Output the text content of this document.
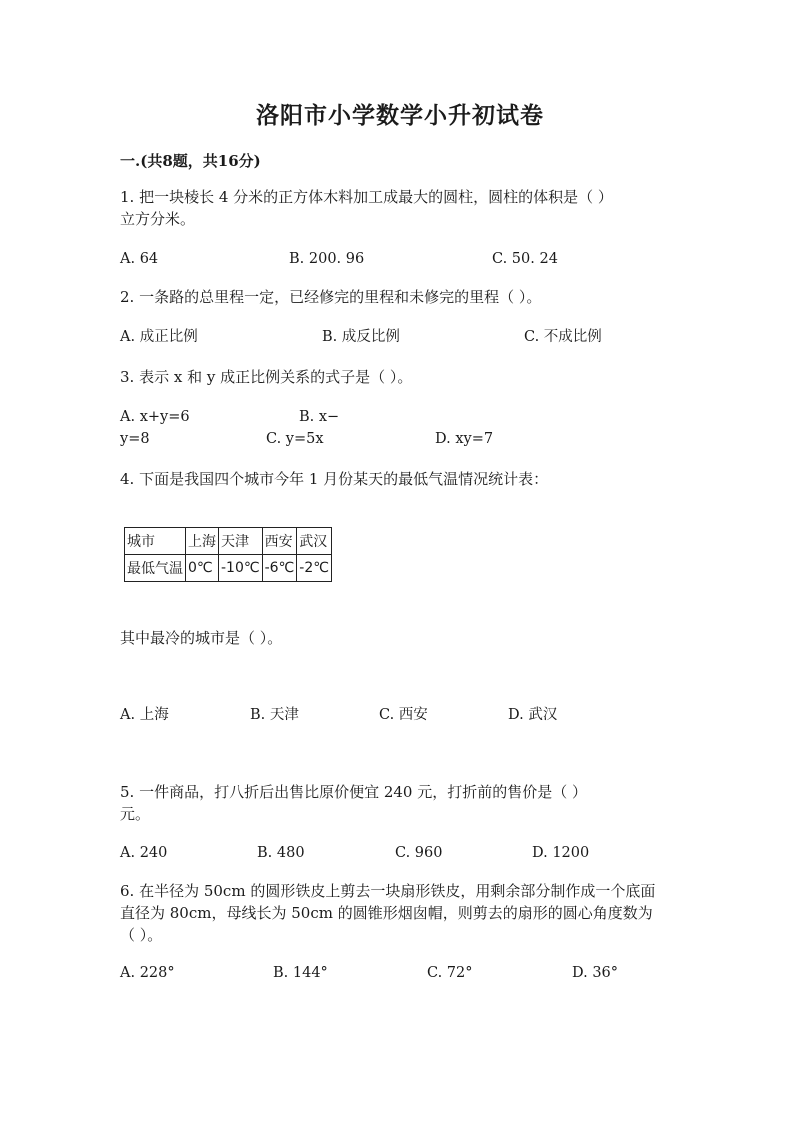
洛阳市小学数学小升初试卷
一.(共8题，共16分)
1. 把一块棱长 4 分米的正方体木料加工成最大的圆柱，圆柱的体积是（ ）
立方分米。
A. 64	B. 200. 96	C. 50. 24
2. 一条路的总里程一定，已经修完的里程和未修完的里程（ ）。
A. 成正比例	B. 成反比例	C. 不成比例
3. 表示 x 和 y 成正比例关系的式子是（ ）。
A. x+y=6	B. x−
y=8	C. y=5x	D. xy=7
4. 下面是我国四个城市今年 1 月份某天的最低气温情况统计表：
城市	上海	天津	西安	武汉
最低气温	0℃	-10℃	-6℃	-2℃
其中最冷的城市是（ ）。
A. 上海	B. 天津	C. 西安	D. 武汉
5. 一件商品，打八折后出售比原价便宜 240 元，打折前的售价是（ ）
元。
A. 240	B. 480	C. 960	D. 1200
6. 在半径为 50cm 的圆形铁皮上剪去一块扇形铁皮，用剩余部分制作成一个底面
直径为 80cm，母线长为 50cm 的圆锥形烟囱帽，则剪去的扇形的圆心角度数为
（ ）。
A. 228°	B. 144°	C. 72°	D. 36°
